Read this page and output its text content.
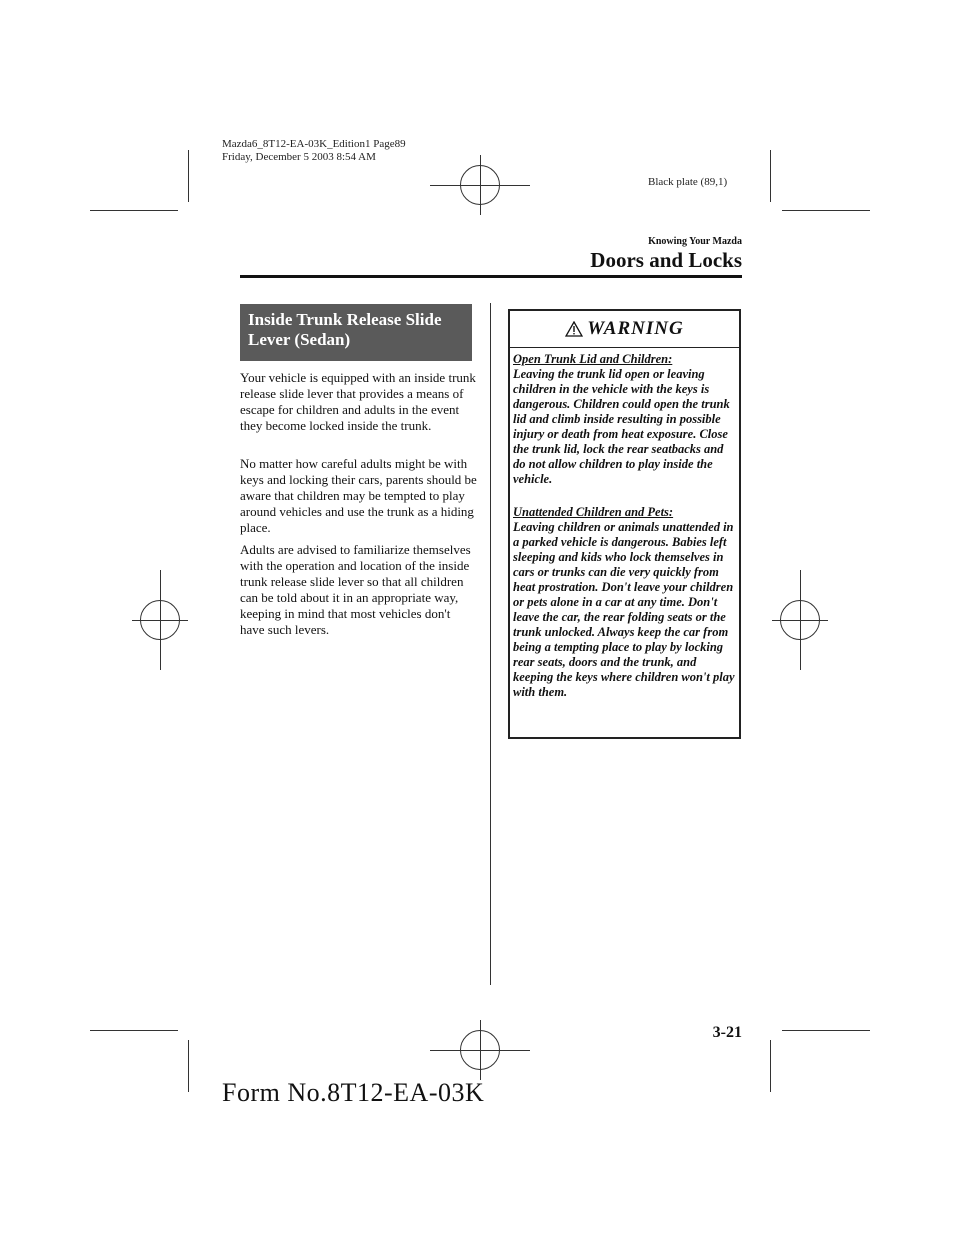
Mazda6_8T12-EA-03K_Edition1 Page89
Friday, December 5 2003 8:54 AM
Black plate (89,1)
Knowing Your Mazda
Doors and Locks
Inside Trunk Release Slide Lever (Sedan)

Your vehicle is equipped with an inside trunk release slide lever that provides a means of escape for children and adults in the event they become locked inside the trunk.

No matter how careful adults might be with keys and locking their cars, parents should be aware that children may be tempted to play around vehicles and use the trunk as a hiding place.

Adults are advised to familiarize themselves with the operation and location of the inside trunk release slide lever so that all children can be told about it in an appropriate way, keeping in mind that most vehicles don't have such levers.

WARNING

Open Trunk Lid and Children:
Leaving the trunk lid open or leaving children in the vehicle with the keys is dangerous. Children could open the trunk lid and climb inside resulting in possible injury or death from heat exposure. Close the trunk lid, lock the rear seatbacks and do not allow children to play inside the vehicle.

Unattended Children and Pets:
Leaving children or animals unattended in a parked vehicle is dangerous. Babies left sleeping and kids who lock themselves in cars or trunks can die very quickly from heat prostration. Don't leave your children or pets alone in a car at any time. Don't leave the car, the rear folding seats or the trunk unlocked. Always keep the car from being a tempting place to play by locking rear seats, doors and the trunk, and keeping the keys where children won't play with them.

3-21
Form No.8T12-EA-03K
